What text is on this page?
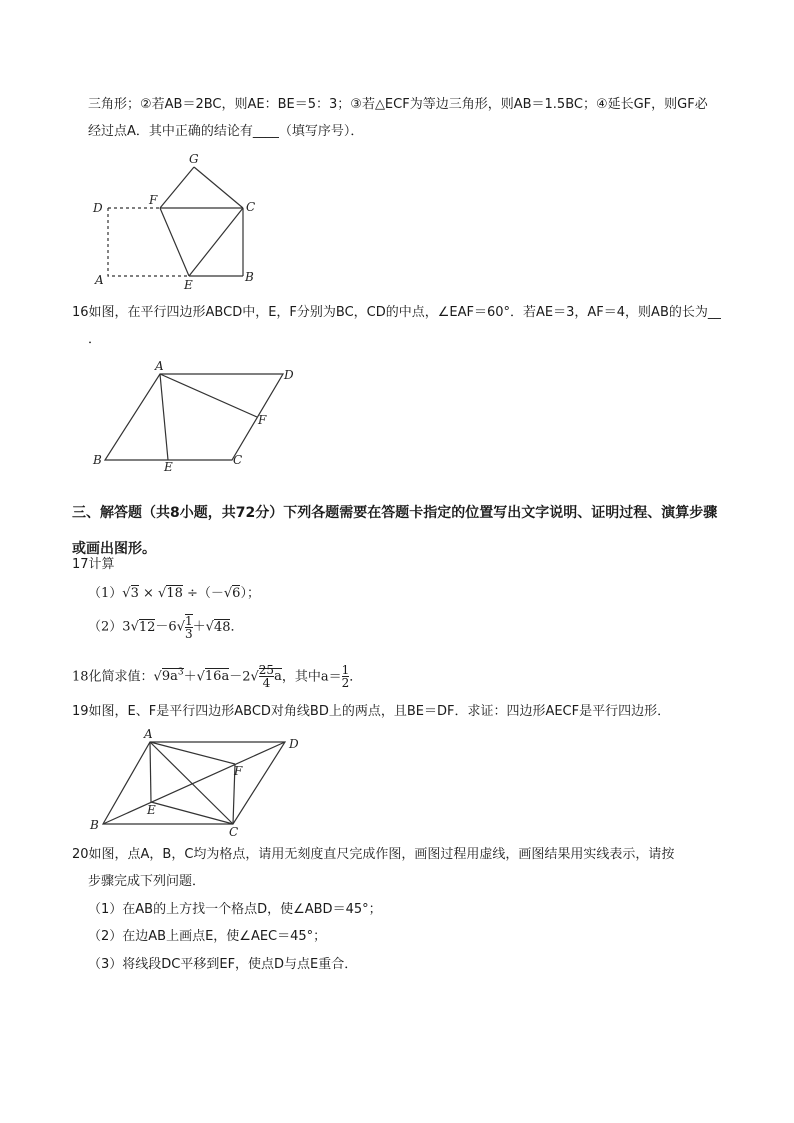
三角形；②若AB＝2BC，则AE：BE＝5：3；③若△ECF为等边三角形，则AB＝1.5BC；④延长GF，则GF必
经过点A．其中正确的结论有____（填写序号）．
G
D
F	C
A	E
B
16如图，在平行四边形ABCD中，E，F分别为BC，CD的中点，∠EAF＝60°．若AE＝3，AF＝4，则AB的长为__
．
A
D
F
B	E	C
三、解答题（共8小题，共72分）下列各题需要在答题卡指定的位置写出文字说明、证明过程、演算步骤
或画出图形。
17计算
（1）√3 × √18 ÷（－√6）；
$(2)3√12-6√ \frac{1}{3} +√48$．
18化简求值：$√9a^3+√16a-2√ \frac{25}{4}$ a，其中$a= \frac{1}{2}$ ．
19如图，E、F是平行四边形ABCD对角线BD上的两点，且BE＝DF．求证：四边形AECF是平行四边形．
A
D
F
E
B	C
20如图，点A，B，C均为格点，请用无刻度直尺完成作图，画图过程用虚线，画图结果用实线表示，请按
步骤完成下列问题．
（1）在AB的上方找一个格点D，使∠ABD＝45°；
（2）在边AB上画点E，使∠AEC＝45°；
（3）将线段DC平移到EF，使点D与点E重合．
